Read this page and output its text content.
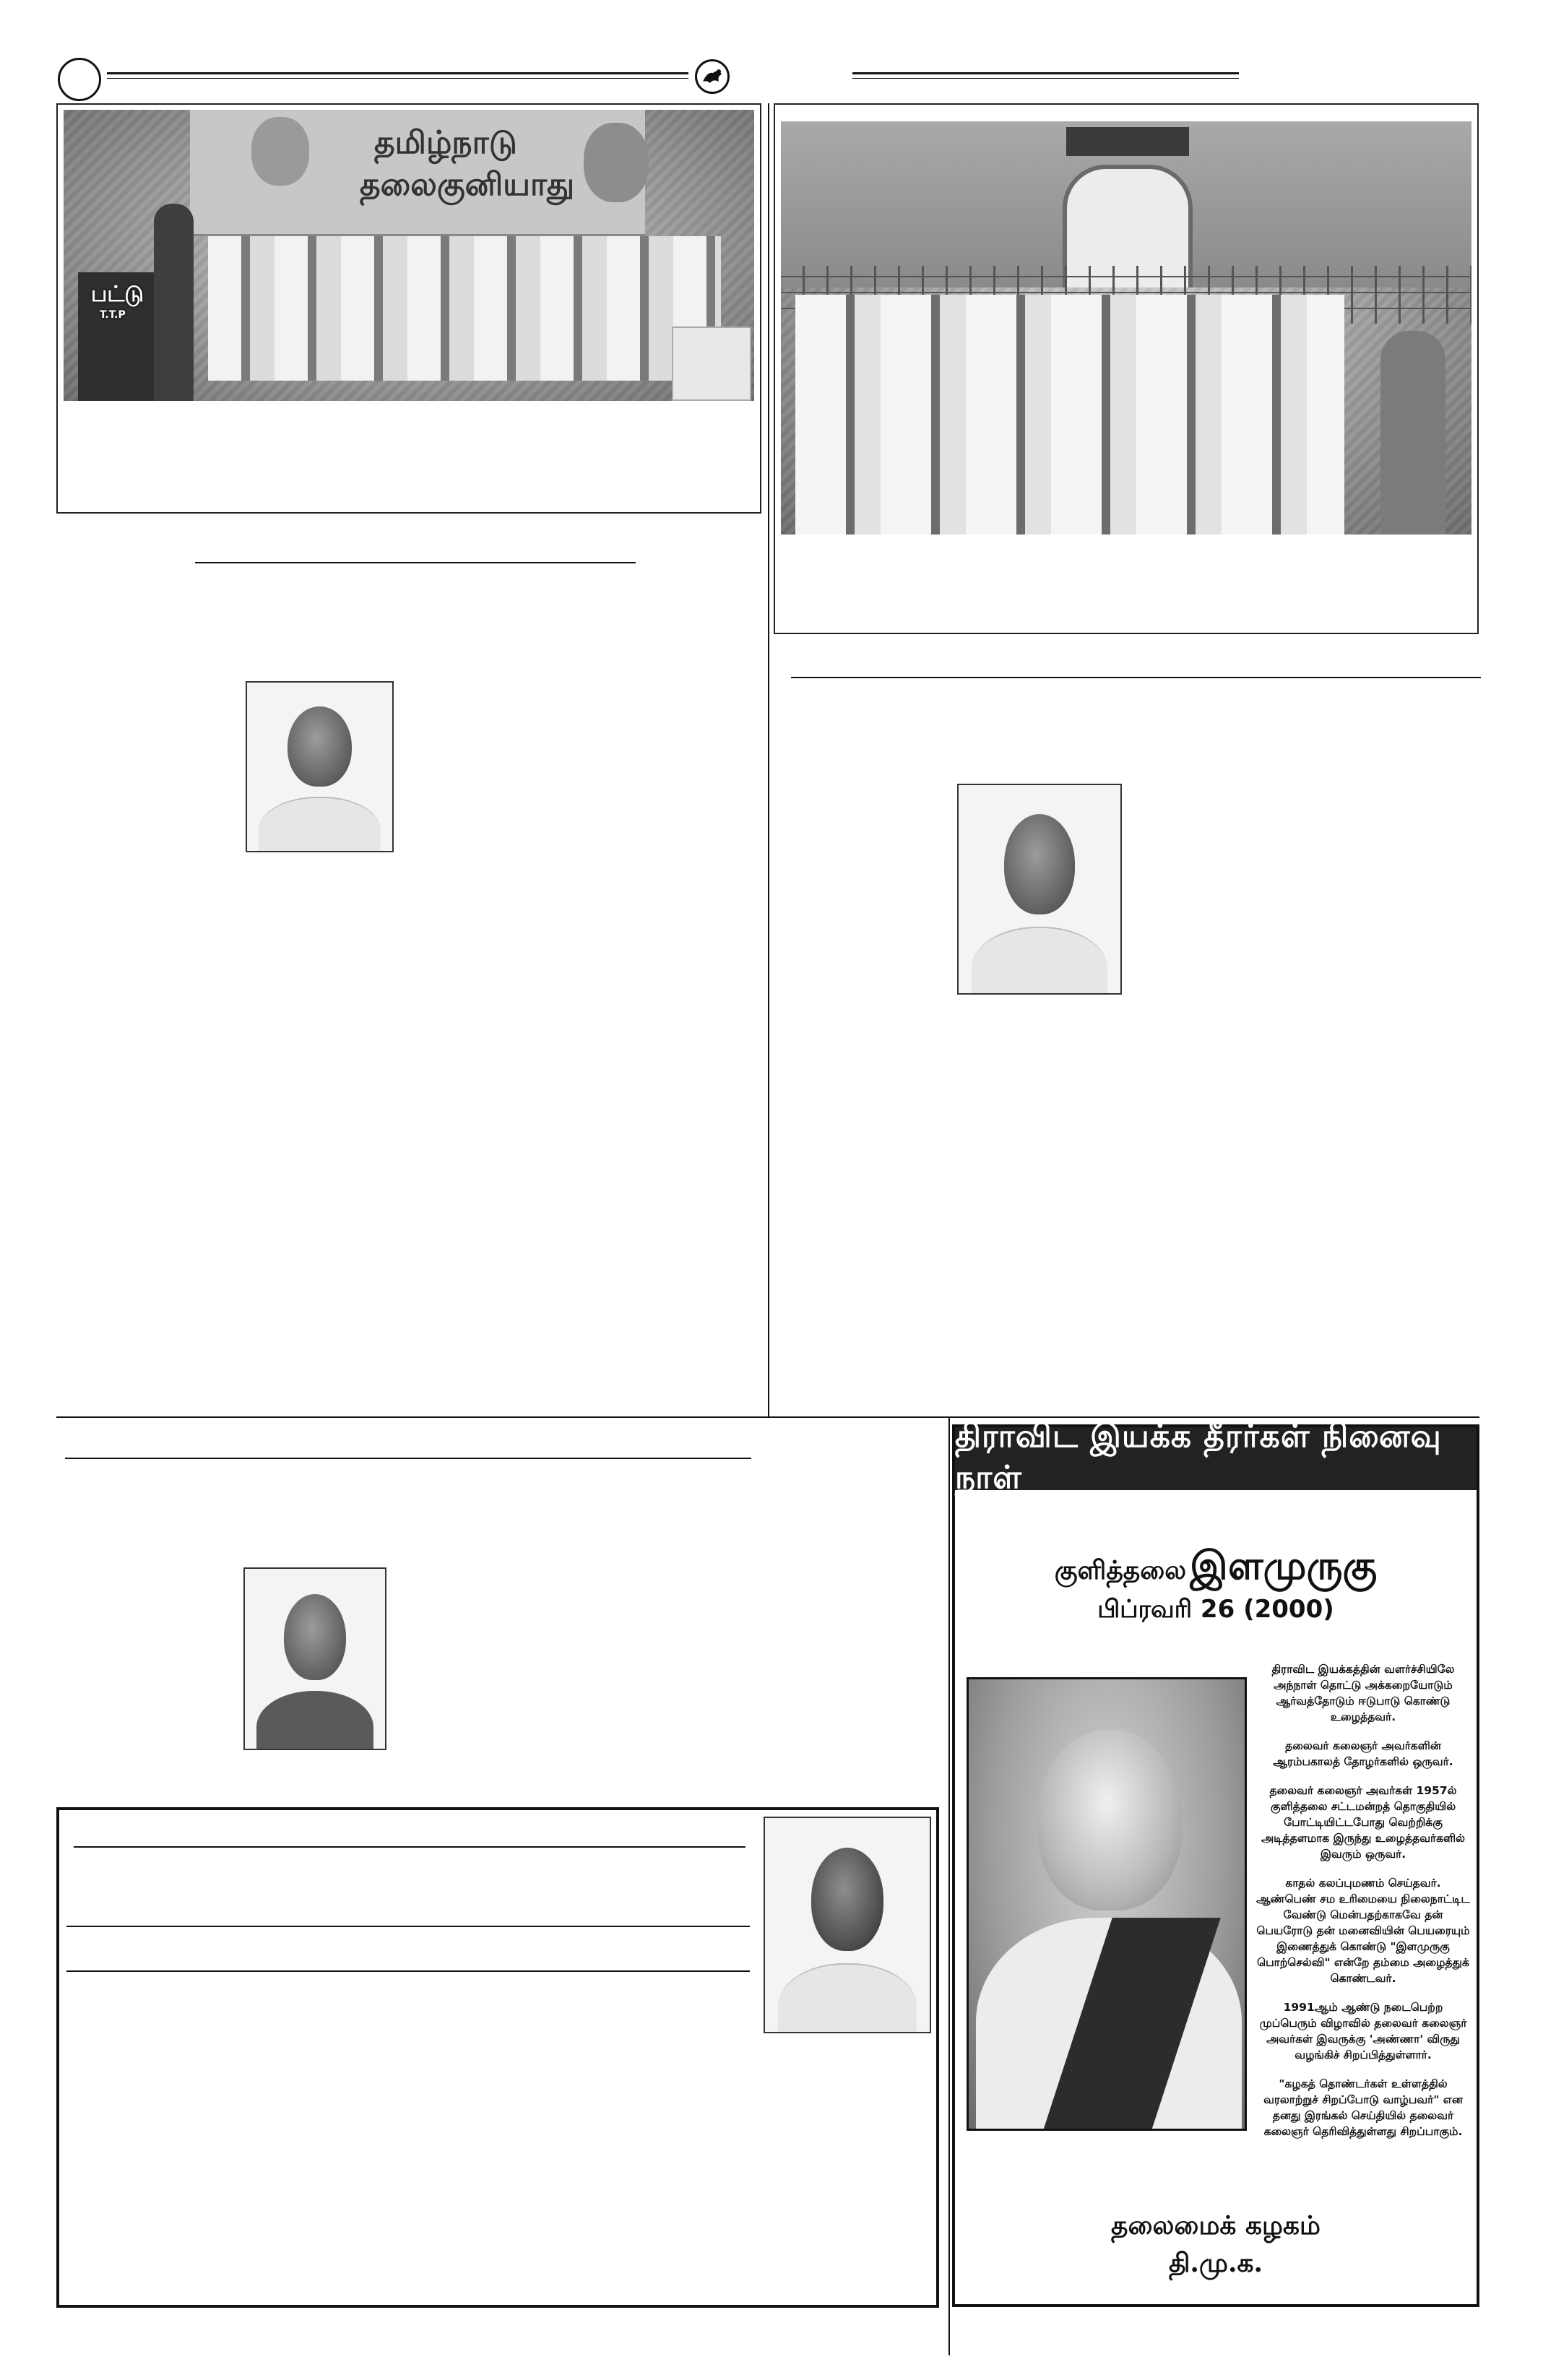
தமிழ்நாடு
தலைகுனியாது
பட்டு
T.T.P
திராவிட இயக்க தீரர்கள் நினைவு நாள்
குளித்தலை இளமுருகு
பிப்ரவரி 26 (2000)

திராவிட இயக்கத்தின் வளர்ச்சியிலே அந்நாள் தொட்டு அக்கறையோடும் ஆர்வத்தோடும் ஈடுபாடு கொண்டு உழைத்தவர்.

தலைவர் கலைஞர் அவர்களின் ஆரம்பகாலத் தோழர்களில் ஒருவர்.

தலைவர் கலைஞர் அவர்கள் 1957ல் குளித்தலை சட்டமன்றத் தொகுதியில் போட்டியிட்டபோது வெற்றிக்கு அடித்தளமாக இருந்து உழைத்தவர்களில் இவரும் ஒருவர்.

காதல் கலப்புமணம் செய்தவர். ஆண்பெண் சம உரிமையை நிலைநாட்டிட வேண்டு மென்பதற்காகவே தன் பெயரோடு தன் மனைவியின் பெயரையும் இணைத்துக் கொண்டு "இளமுருகு பொற்செல்வி" என்றே தம்மை அழைத்துக் கொண்டவர்.

1991ஆம் ஆண்டு நடைபெற்ற முப்பெரும் விழாவில் தலைவர் கலைஞர் அவர்கள் இவருக்கு 'அண்ணா' விருது வழங்கிச் சிறப்பித்துள்ளார்.

"கழகத் தொண்டர்கள் உள்ளத்தில் வரலாற்றுச் சிறப்போடு வாழ்பவர்" என தனது இரங்கல் செய்தியில் தலைவர் கலைஞர் தெரிவித்துள்ளது சிறப்பாகும்.

தலைமைக் கழகம்
தி.மு.க.
